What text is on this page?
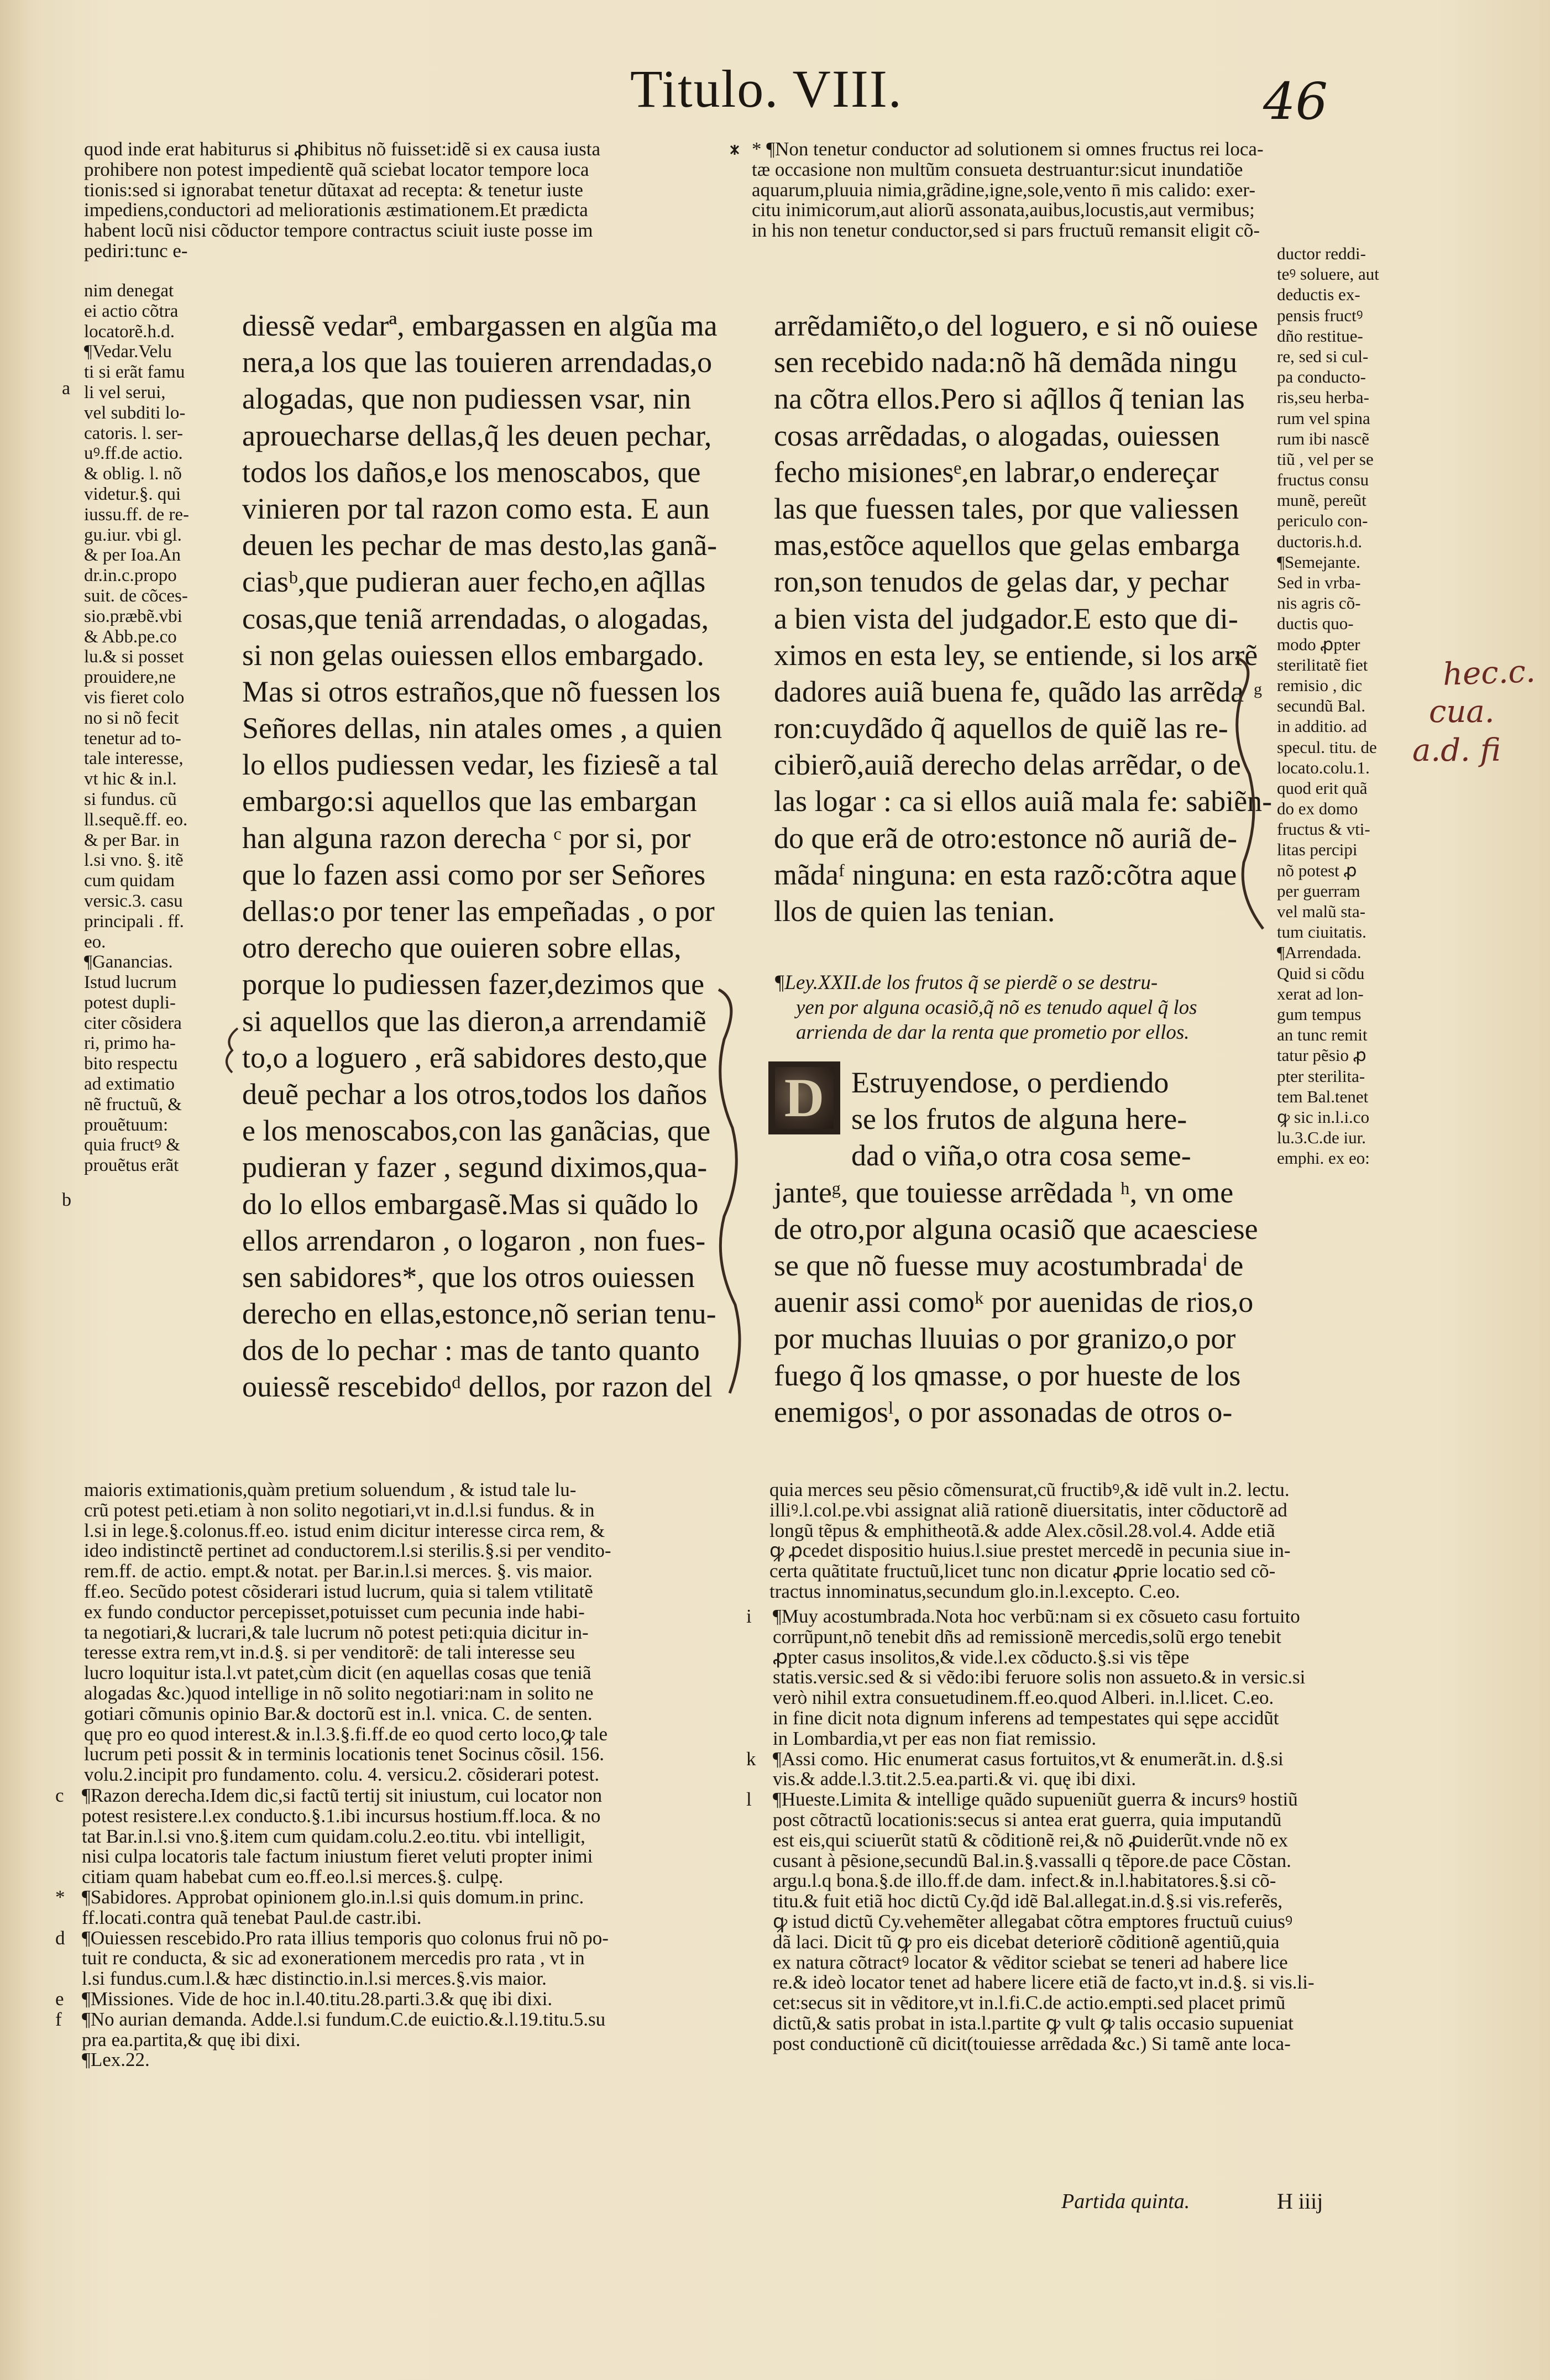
Titulo. VIII.	46
quod inde erat habiturus si ꝓhibitus nõ fuisset:idẽ si ex causa iusta
prohibere non potest impedientẽ quã sciebat locator tempore loca
tionis:sed si ignorabat tenetur dũtaxat ad recepta: & tenetur iuste
impediens,conductori ad meliorationis æstimationem.Et prædicta
habent locũ nisi cõductor tempore contractus sciuit iuste posse im
pediri:tunc e-
nim denegat
ei actio cõtra
locatorẽ.h.d.
¶Vedar.Velu
ti si erãt famu
li vel serui,
vel subditi lo-
catoris. l. ser-
uꝰ.ff.de actio.
& oblig. l. nõ
videtur.§. qui
iussu.ff. de re-
gu.iur. vbi gl.
& per Ioa.An
dr.in.c.propo
suit. de cõces-
sio.præbẽ.vbi
& Abb.pe.co
lu.& si posset
prouidere,ne
vis fieret colo
no si nõ fecit
tenetur ad to-
tale interesse,
vt hic & in.l.
si fundus. cũ
ll.sequẽ.ff. eo.
& per Bar. in
l.si vno. §. itẽ
cum quidam
versic.3. casu
principali . ff.
eo.
¶Ganancias.
Istud lucrum
potest dupli-
citer cõsidera
ri, primo ha-
bito respectu
ad extimatio
nẽ fructuũ, &
prouẽtuum:
quia fructꝰ &
prouẽtus erãt
a
b
diessẽ vedarª, embargassen en algũa ma
nera,a los que las touieren arrendadas,o
alogadas, que non pudiessen vsar, nin
aprouecharse dellas,q̃ les deuen pechar,
todos los daños,e los menoscabos, que
vinieren por tal razon como esta. E aun
deuen les pechar de mas desto,las ganã-
ciasᵇ,que pudieran auer fecho,en aq̃llas
cosas,que teniã arrendadas, o alogadas,
si non gelas ouiessen ellos embargado.
Mas si otros estraños,que nõ fuessen los
Señores dellas, nin atales omes , a quien
lo ellos pudiessen vedar, les fiziesẽ a tal
embargo:si aquellos que las embargan
han alguna razon derecha ᶜ por si, por
que lo fazen assi como por ser Señores
dellas:o por tener las empeñadas , o por
otro derecho que ouieren sobre ellas,
porque lo pudiessen fazer,dezimos que
si aquellos que las dieron,a arrendamiẽ
to,o a loguero , erã sabidores desto,que
deuẽ pechar a los otros,todos los daños
e los menoscabos,con las ganãcias, que
pudieran y fazer , segund diximos,qua-
do lo ellos embargasẽ.Mas si quãdo lo
ellos arrendaron , o logaron , non fues-
sen sabidores*, que los otros ouiessen
derecho en ellas,estonce,nõ serian tenu-
dos de lo pechar : mas de tanto quanto
ouiessẽ rescebidoᵈ dellos, por razon del
arrẽdamiẽto,o del loguero, e si nõ ouiese
sen recebido nada:nõ hã demãda ningu
na cõtra ellos.Pero si aq̃llos q̃ tenian las
cosas arrẽdadas, o alogadas, ouiessen
fecho misionesᵉ,en labrar,o endereçar
las que fuessen tales, por que valiessen
mas,estõce aquellos que gelas embarga
ron,son tenudos de gelas dar, y pechar
a bien vista del judgador.E esto que di-
ximos en esta ley, se entiende, si los arrẽ
dadores auiã buena fe, quãdo las arrẽda
ron:cuydãdo q̃ aquellos de quiẽ las re-
cibierõ,auiã derecho delas arrẽdar, o de
las logar : ca si ellos auiã mala fe: sabiẽn-
do que erã de otro:estonce nõ auriã de-
mãdaᶠ ninguna: en esta razõ:cõtra aque
llos de quien las tenian.
¶Ley.XXII.de los frutos q̃ se pierdẽ o se destru-
yen por alguna ocasiõ,q̃ nõ es tenudo aquel q̃ los
arrienda de dar la renta que prometio por ellos.
D Estruyendose, o perdiendo
se los frutos de alguna here-
dad o viña,o otra cosa seme-
janteᵍ, que touiesse arrẽdada ʰ, vn ome
de otro,por alguna ocasiõ que acaesciese
se que nõ fuesse muy acostumbradaⁱ de
auenir assi comoᵏ por auenidas de rios,o
por muchas lluuias o por granizo,o por
fuego q̃ los qmasse, o por hueste de los
enemigosˡ, o por assonadas de otros o-
* ¶Non tenetur conductor ad solutionem si omnes fructus rei loca-
tæ occasione non multũm consueta destruantur:sicut inundatiõe
aquarum,pluuia nimia,grãdine,igne,sole,vento n̄ mis calido: exer-
citu inimicorum,aut aliorũ assonata,auibus,locustis,aut vermibus;
in his non tenetur conductor,sed si pars fructuũ remansit eligit cõ-
ductor reddi-
teꝰ soluere, aut
deductis ex-
pensis fructꝰ
dño restitue-
re, sed si cul-
pa conducto-
ris,seu herba-
rum vel spina
rum ibi nascẽ
tiũ , vel per se
fructus consu
munẽ, pereũt
periculo con-
ductoris.h.d.
¶Semejante.
Sed in vrba-
nis agris cõ-
ductis quo-
modo ꝓpter
sterilitatẽ fiet
remisio , dic
secundũ Bal.
in additio. ad
specul. titu. de
locato.colu.1.
quod erit quã
do ex domo
fructus & vti-
litas percipi
nõ potest ꝓ
per guerram
vel malũ sta-
tum ciuitatis.
¶Arrendada.
Quid si cõdu
xerat ad lon-
gum tempus
an tunc remit
tatur pẽsio ꝓ
pter sterilita-
tem Bal.tenet
ꝙ sic in.l.i.co
lu.3.C.de iur.
emphi. ex eo:
g
maioris extimationis,quàm pretium soluendum , & istud tale lu-
crũ potest peti.etiam à non solito negotiari,vt in.d.l.si fundus. & in
l.si in lege.§.colonus.ff.eo. istud enim dicitur interesse circa rem, &
ideo indistinctẽ pertinet ad conductorem.l.si sterilis.§.si per vendito-
rem.ff. de actio. empt.& notat. per Bar.in.l.si merces. §. vis maior.
ff.eo. Secũdo potest cõsiderari istud lucrum, quia si talem vtilitatẽ
ex fundo conductor percepisset,potuisset cum pecunia inde habi-
ta negotiari,& lucrari,& tale lucrum nõ potest peti:quia dicitur in-
teresse extra rem,vt in.d.§. si per venditorẽ: de tali interesse seu
lucro loquitur ista.l.vt patet,cùm dicit (en aquellas cosas que teniã
alogadas &c.)quod intellige in nõ solito negotiari:nam in solito ne
gotiari cõmunis opinio Bar.& doctorũ est in.l. vnica. C. de senten.
quę pro eo quod interest.& in.l.3.§.fi.ff.de eo quod certo loco,ꝙ tale
lucrum peti possit & in terminis locationis tenet Socinus cõsil. 156.
volu.2.incipit pro fundamento. colu. 4. versicu.2. cõsiderari potest.
c ¶Razon derecha.Idem dic,si factũ tertij sit iniustum, cui locator non
potest resistere.l.ex conducto.§.1.ibi incursus hostium.ff.loca. & no
tat Bar.in.l.si vno.§.item cum quidam.colu.2.eo.titu. vbi intelligit,
nisi culpa locatoris tale factum iniustum fieret veluti propter inimi
citiam quam habebat cum eo.ff.eo.l.si merces.§. culpę.
* ¶Sabidores. Approbat opinionem glo.in.l.si quis domum.in princ.
ff.locati.contra quã tenebat Paul.de castr.ibi.
d ¶Ouiessen rescebido.Pro rata illius temporis quo colonus frui nõ po-
tuit re conducta, & sic ad exonerationem mercedis pro rata , vt in
l.si fundus.cum.l.& hæc distinctio.in.l.si merces.§.vis maior.
e ¶Missiones. Vide de hoc in.l.40.titu.28.parti.3.& quę ibi dixi.
f ¶No aurian demanda. Adde.l.si fundum.C.de euictio.&.l.19.titu.5.su
pra ea.partita,& quę ibi dixi.
¶Lex.22.
quia merces seu pẽsio cõmensurat,cũ fructibꝰ,& idẽ vult in.2. lectu.
illiꝰ.l.col.pe.vbi assignat aliã rationẽ diuersitatis, inter cõductorẽ ad
longũ tẽpus & emphitheotã.& adde Alex.cõsil.28.vol.4. Adde etiã
ꝙ ꝓcedet dispositio huius.l.siue prestet mercedẽ in pecunia siue in-
certa quãtitate fructuũ,licet tunc non dicatur ꝓprie locatio sed cõ-
tractus innominatus,secundum glo.in.l.excepto. C.eo.
i ¶Muy acostumbrada.Nota hoc verbũ:nam si ex cõsueto casu fortuito
corrũpunt,nõ tenebit dñs ad remissionẽ mercedis,solũ ergo tenebit
ꝓpter casus insolitos,& vide.l.ex cõducto.§.si vis tẽpe
statis.versic.sed & si vẽdo:ibi feruore solis non assueto.& in versic.si
verò nihil extra consuetudinem.ff.eo.quod Alberi. in.l.licet. C.eo.
in fine dicit nota dignum inferens ad tempestates qui sępe accidũt
in Lombardia,vt per eas non fiat remissio.
k ¶Assi como. Hic enumerat casus fortuitos,vt & enumerãt.in. d.§.si
vis.& adde.l.3.tit.2.5.ea.parti.& vi. quę ibi dixi.
l ¶Hueste.Limita & intellige quãdo supueniũt guerra & incursꝰ hostiũ
post cõtractũ locationis:secus si antea erat guerra, quia imputandũ
est eis,qui sciuerũt statũ & cõditionẽ rei,& nõ ꝓuiderũt.vnde nõ ex
cusant à pẽsione,secundũ Bal.in.§.vassalli q tẽpore.de pace Cõstan.
argu.l.q bona.§.de illo.ff.de dam. infect.& in.l.habitatores.§.si cõ-
titu.& fuit etiã hoc dictũ Cy.q̃d idẽ Bal.allegat.in.d.§.si vis.referẽs,
ꝙ istud dictũ Cy.vehemẽter allegabat cõtra emptores fructuũ cuiusꝰ
dã laci. Dicit tũ ꝙ pro eis dicebat deteriorẽ cõditionẽ agentiũ,quia
ex natura cõtractꝰ locator & vẽditor sciebat se teneri ad habere lice
re.& ideò locator tenet ad habere licere etiã de facto,vt in.d.§. si vis.li-
cet:secus sit in vẽditore,vt in.l.fi.C.de actio.empti.sed placet primũ
dictũ,& satis probat in ista.l.partite ꝙ vult ꝙ talis occasio supueniat
post conductionẽ cũ dicit(touiesse arrẽdada &c.) Si tamẽ ante loca-
Partida quinta.	H iiij
hec.c.
cua.
a.d. fi
